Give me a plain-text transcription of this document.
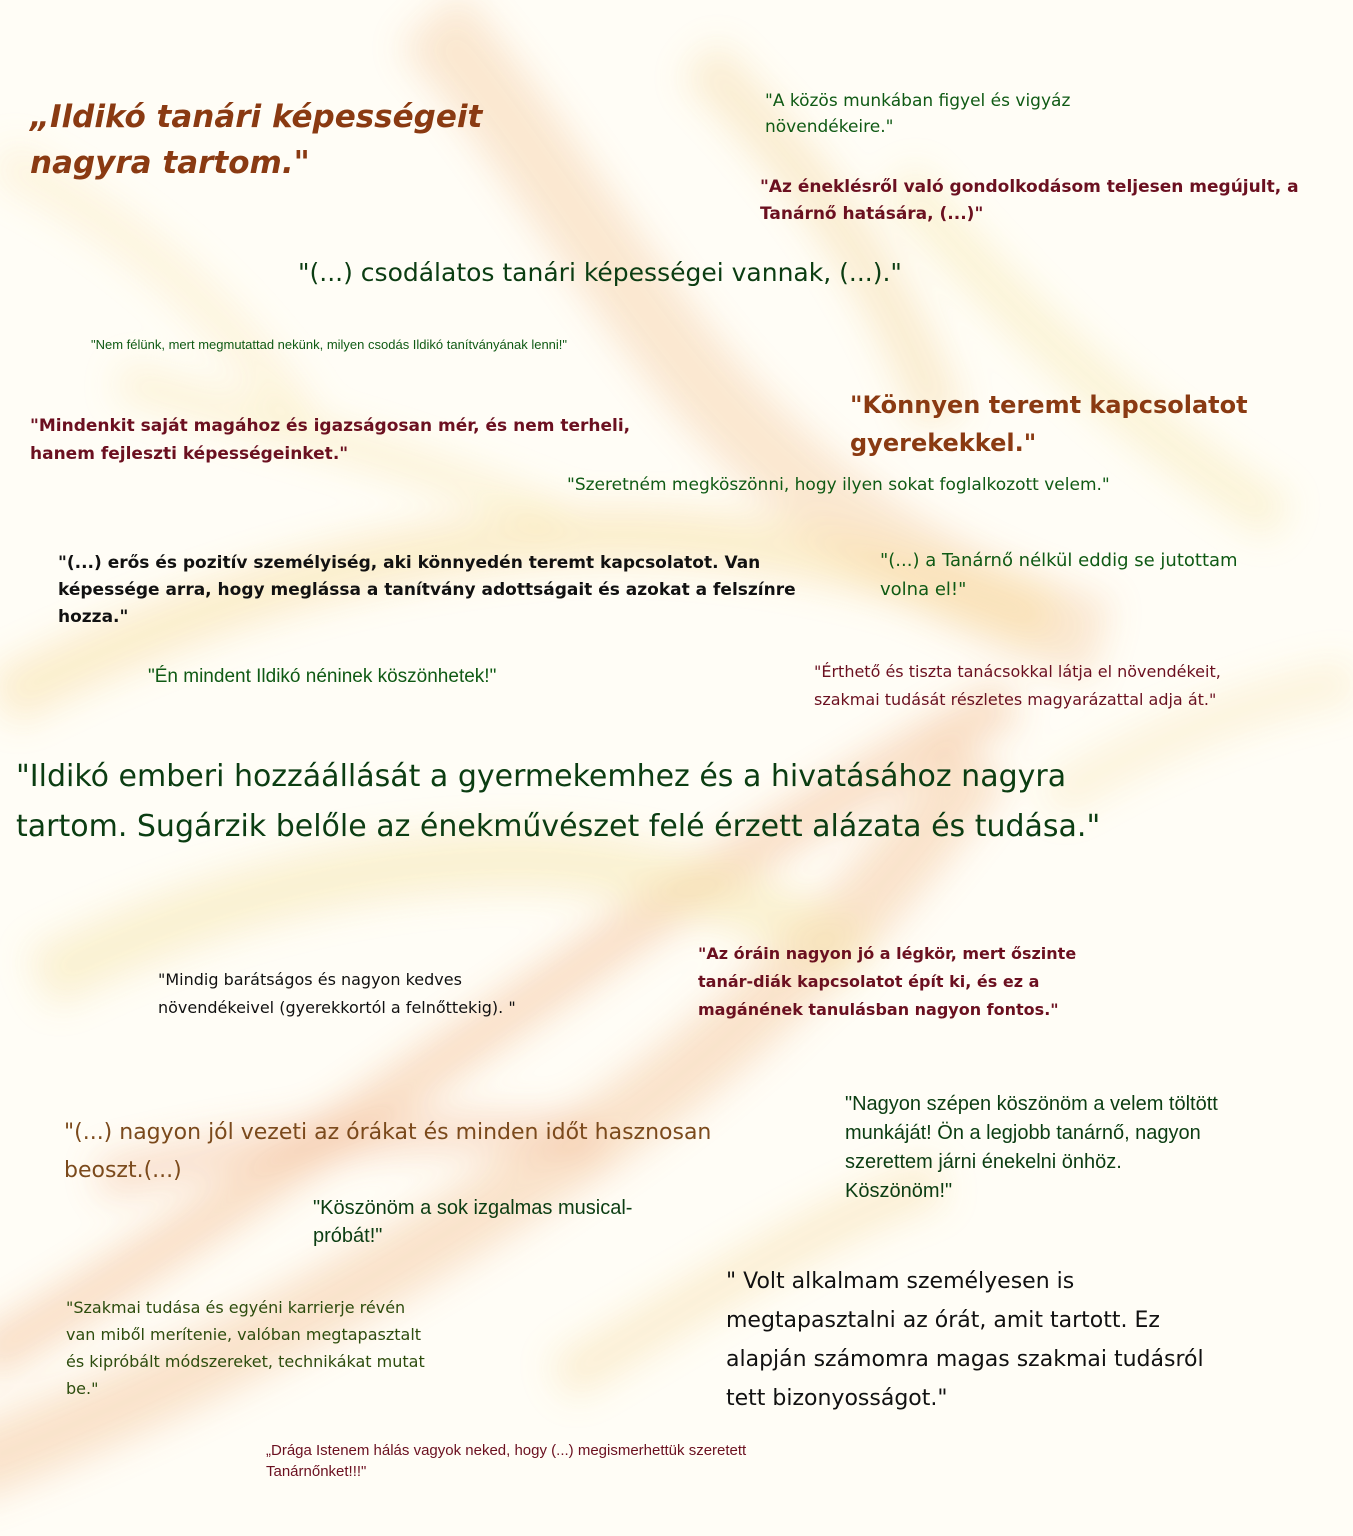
„Ildikó tanári képességeit
nagyra tartom."

"A közös munkában figyel és vigyáz
növendékeire."

"Az éneklésről való gondolkodásom teljesen megújult, a
Tanárnő hatására, (...)"

"(...) csodálatos tanári képességei vannak, (...)."

"Nem félünk, mert megmutattad nekünk, milyen csodás Ildikó tanítványának lenni!"

"Mindenkit saját magához és igazságosan mér, és nem terheli,
hanem fejleszti képességeinket."

"Könnyen teremt kapcsolatot
gyerekekkel."

"Szeretném megköszönni, hogy ilyen sokat foglalkozott velem."

"(...) erős és pozitív személyiség, aki könnyedén teremt kapcsolatot. Van
képessége arra, hogy meglássa a tanítvány adottságait és azokat a felszínre
hozza."

"(...) a Tanárnő nélkül eddig se jutottam
volna el!"

"Én mindent Ildikó néninek köszönhetek!"	"Érthető és tiszta tanácsokkal látja el növendékeit,
szakmai tudását részletes magyarázattal adja át."

"Ildikó emberi hozzáállását a gyermekemhez és a hivatásához nagyra
tartom. Sugárzik belőle az énekművészet felé érzett alázata és tudása."

"Mindig barátságos és nagyon kedves
növendékeivel (gyerekkortól a felnőttekig). "

"Az óráin nagyon jó a légkör, mert őszinte
tanár-diák kapcsolatot épít ki, és ez a
magánének tanulásban nagyon fontos."

"(...) nagyon jól vezeti az órákat és minden időt hasznosan
beoszt.(...)

"Nagyon szépen köszönöm a velem töltött
munkáját! Ön a legjobb tanárnő, nagyon
szerettem járni énekelni önhöz.
Köszönöm!"

"Köszönöm a sok izgalmas musical-
próbát!"

"Szakmai tudása és egyéni karrierje révén
van miből merítenie, valóban megtapasztalt
és kipróbált módszereket, technikákat mutat
be."

" Volt alkalmam személyesen is
megtapasztalni az órát, amit tartott. Ez
alapján számomra magas szakmai tudásról
tett bizonyosságot."

„Drága Istenem hálás vagyok neked, hogy (...) megismerhettük szeretett
Tanárnőnket!!!"
